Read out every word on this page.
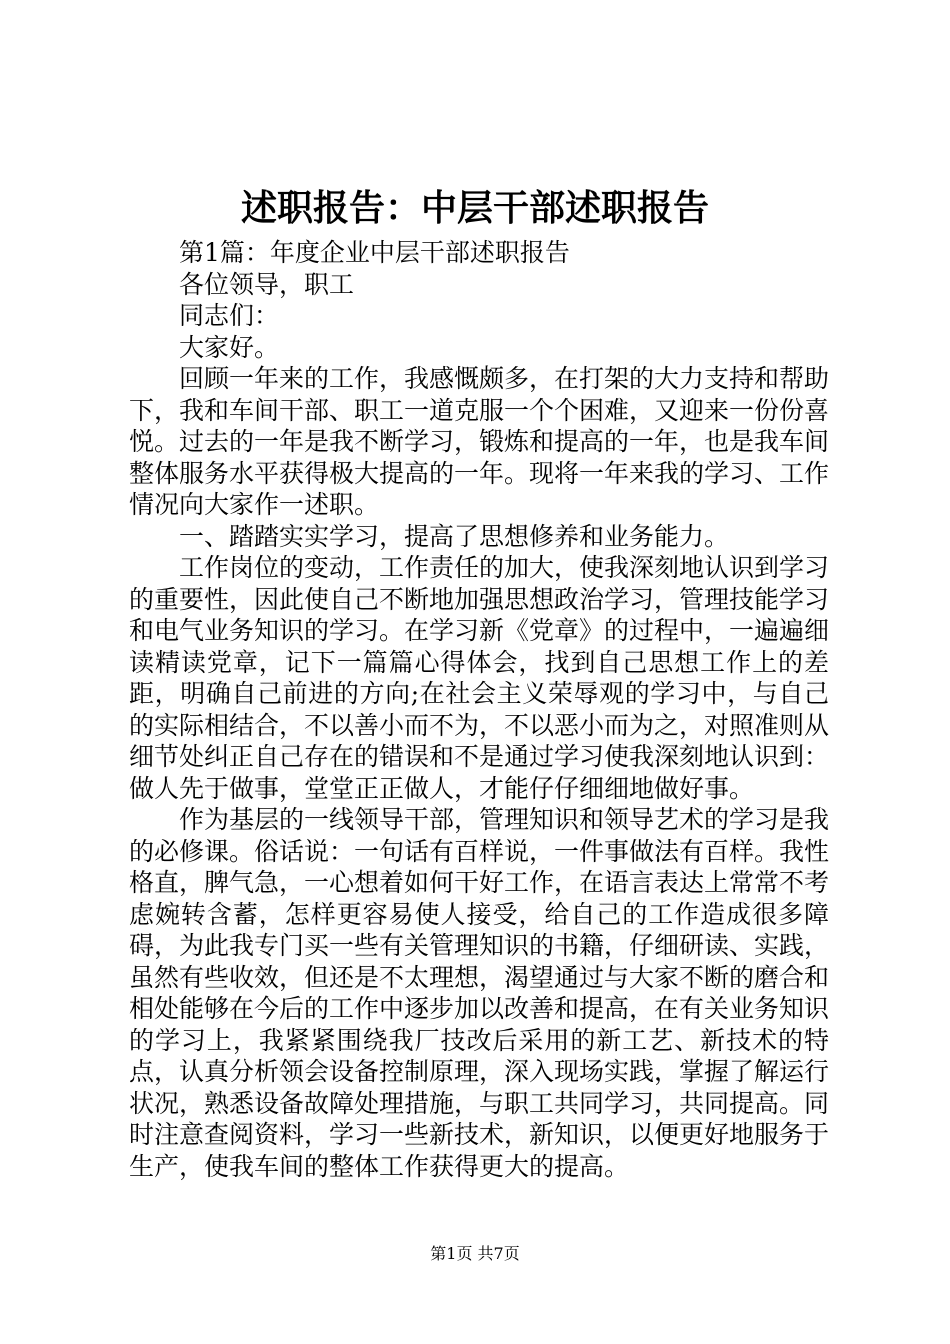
述职报告：中层干部述职报告

第1篇：年度企业中层干部述职报告

各位领导，职工

同志们：

大家好。

回顾一年来的工作，我感慨颇多，在打架的大力支持和帮助下，我和车间干部、职工一道克服一个个困难，又迎来一份份喜悦。过去的一年是我不断学习，锻炼和提高的一年，也是我车间整体服务水平获得极大提高的一年。现将一年来我的学习、工作情况向大家作一述职。

一、踏踏实实学习，提高了思想修养和业务能力。

工作岗位的变动，工作责任的加大，使我深刻地认识到学习的重要性，因此使自己不断地加强思想政治学习，管理技能学习和电气业务知识的学习。在学习新《党章》的过程中，一遍遍细读精读党章，记下一篇篇心得体会，找到自己思想工作上的差距，明确自己前进的方向;在社会主义荣辱观的学习中，与自己的实际相结合，不以善小而不为，不以恶小而为之，对照准则从细节处纠正自己存在的错误和不是通过学习使我深刻地认识到：做人先于做事，堂堂正正做人，才能仔仔细细地做好事。

作为基层的一线领导干部，管理知识和领导艺术的学习是我的必修课。俗话说：一句话有百样说，一件事做法有百样。我性格直，脾气急，一心想着如何干好工作，在语言表达上常常不考虑婉转含蓄，怎样更容易使人接受，给自己的工作造成很多障碍，为此我专门买一些有关管理知识的书籍，仔细研读、实践，虽然有些收效，但还是不太理想，渴望通过与大家不断的磨合和相处能够在今后的工作中逐步加以改善和提高，在有关业务知识的学习上，我紧紧围绕我厂技改后采用的新工艺、新技术的特点，认真分析领会设备控制原理，深入现场实践，掌握了解运行状况，熟悉设备故障处理措施，与职工共同学习，共同提高。同时注意查阅资料，学习一些新技术，新知识，以便更好地服务于生产，使我车间的整体工作获得更大的提高。

第1页 共7页
